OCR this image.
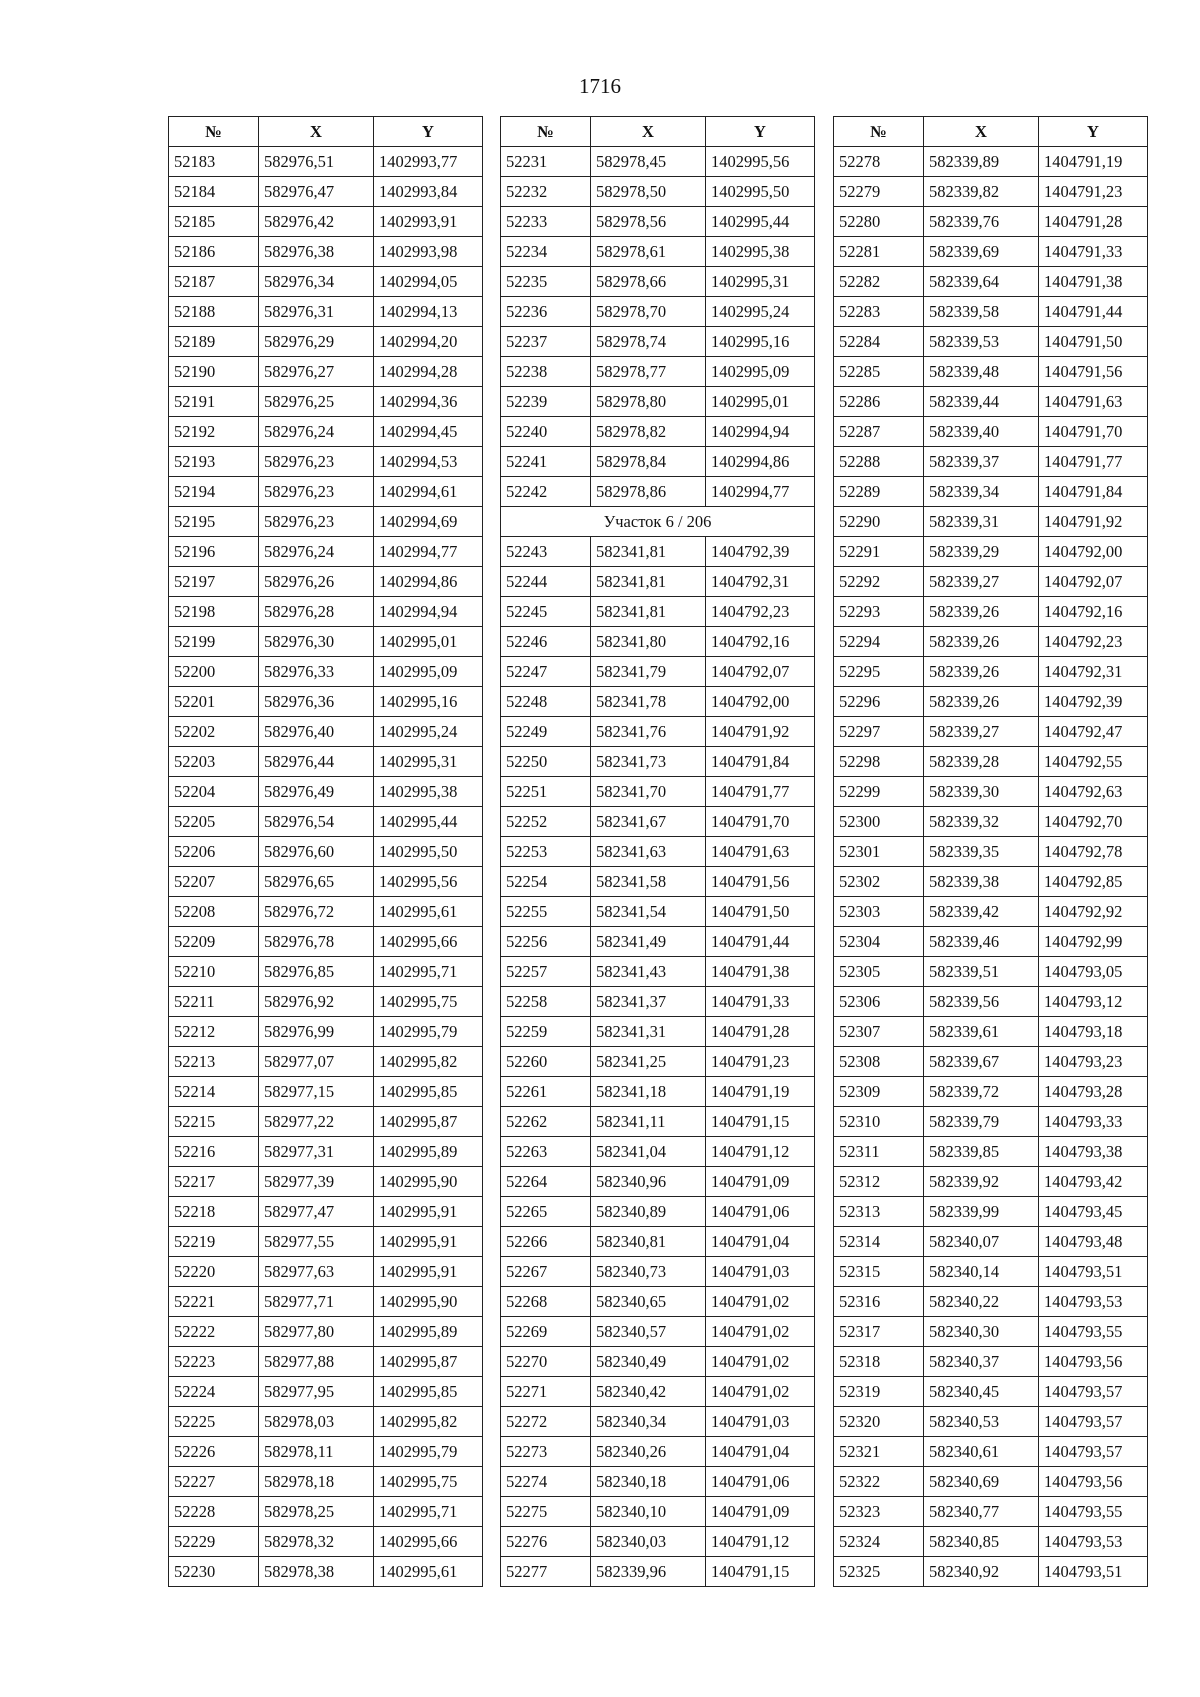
1716
№	X	Y
52183	582976,51	1402993,77
52184	582976,47	1402993,84
52185	582976,42	1402993,91
52186	582976,38	1402993,98
52187	582976,34	1402994,05
52188	582976,31	1402994,13
52189	582976,29	1402994,20
52190	582976,27	1402994,28
52191	582976,25	1402994,36
52192	582976,24	1402994,45
52193	582976,23	1402994,53
52194	582976,23	1402994,61
52195	582976,23	1402994,69
52196	582976,24	1402994,77
52197	582976,26	1402994,86
52198	582976,28	1402994,94
52199	582976,30	1402995,01
52200	582976,33	1402995,09
52201	582976,36	1402995,16
52202	582976,40	1402995,24
52203	582976,44	1402995,31
52204	582976,49	1402995,38
52205	582976,54	1402995,44
52206	582976,60	1402995,50
52207	582976,65	1402995,56
52208	582976,72	1402995,61
52209	582976,78	1402995,66
52210	582976,85	1402995,71
52211	582976,92	1402995,75
52212	582976,99	1402995,79
52213	582977,07	1402995,82
52214	582977,15	1402995,85
52215	582977,22	1402995,87
52216	582977,31	1402995,89
52217	582977,39	1402995,90
52218	582977,47	1402995,91
52219	582977,55	1402995,91
52220	582977,63	1402995,91
52221	582977,71	1402995,90
52222	582977,80	1402995,89
52223	582977,88	1402995,87
52224	582977,95	1402995,85
52225	582978,03	1402995,82
52226	582978,11	1402995,79
52227	582978,18	1402995,75
52228	582978,25	1402995,71
52229	582978,32	1402995,66
52230	582978,38	1402995,61
№	X	Y
52231	582978,45	1402995,56
52232	582978,50	1402995,50
52233	582978,56	1402995,44
52234	582978,61	1402995,38
52235	582978,66	1402995,31
52236	582978,70	1402995,24
52237	582978,74	1402995,16
52238	582978,77	1402995,09
52239	582978,80	1402995,01
52240	582978,82	1402994,94
52241	582978,84	1402994,86
52242	582978,86	1402994,77
Участок 6 / 206		
52243	582341,81	1404792,39
52244	582341,81	1404792,31
52245	582341,81	1404792,23
52246	582341,80	1404792,16
52247	582341,79	1404792,07
52248	582341,78	1404792,00
52249	582341,76	1404791,92
52250	582341,73	1404791,84
52251	582341,70	1404791,77
52252	582341,67	1404791,70
52253	582341,63	1404791,63
52254	582341,58	1404791,56
52255	582341,54	1404791,50
52256	582341,49	1404791,44
52257	582341,43	1404791,38
52258	582341,37	1404791,33
52259	582341,31	1404791,28
52260	582341,25	1404791,23
52261	582341,18	1404791,19
52262	582341,11	1404791,15
52263	582341,04	1404791,12
52264	582340,96	1404791,09
52265	582340,89	1404791,06
52266	582340,81	1404791,04
52267	582340,73	1404791,03
52268	582340,65	1404791,02
52269	582340,57	1404791,02
52270	582340,49	1404791,02
52271	582340,42	1404791,02
52272	582340,34	1404791,03
52273	582340,26	1404791,04
52274	582340,18	1404791,06
52275	582340,10	1404791,09
52276	582340,03	1404791,12
52277	582339,96	1404791,15
№	X	Y
52278	582339,89	1404791,19
52279	582339,82	1404791,23
52280	582339,76	1404791,28
52281	582339,69	1404791,33
52282	582339,64	1404791,38
52283	582339,58	1404791,44
52284	582339,53	1404791,50
52285	582339,48	1404791,56
52286	582339,44	1404791,63
52287	582339,40	1404791,70
52288	582339,37	1404791,77
52289	582339,34	1404791,84
52290	582339,31	1404791,92
52291	582339,29	1404792,00
52292	582339,27	1404792,07
52293	582339,26	1404792,16
52294	582339,26	1404792,23
52295	582339,26	1404792,31
52296	582339,26	1404792,39
52297	582339,27	1404792,47
52298	582339,28	1404792,55
52299	582339,30	1404792,63
52300	582339,32	1404792,70
52301	582339,35	1404792,78
52302	582339,38	1404792,85
52303	582339,42	1404792,92
52304	582339,46	1404792,99
52305	582339,51	1404793,05
52306	582339,56	1404793,12
52307	582339,61	1404793,18
52308	582339,67	1404793,23
52309	582339,72	1404793,28
52310	582339,79	1404793,33
52311	582339,85	1404793,38
52312	582339,92	1404793,42
52313	582339,99	1404793,45
52314	582340,07	1404793,48
52315	582340,14	1404793,51
52316	582340,22	1404793,53
52317	582340,30	1404793,55
52318	582340,37	1404793,56
52319	582340,45	1404793,57
52320	582340,53	1404793,57
52321	582340,61	1404793,57
52322	582340,69	1404793,56
52323	582340,77	1404793,55
52324	582340,85	1404793,53
52325	582340,92	1404793,51
